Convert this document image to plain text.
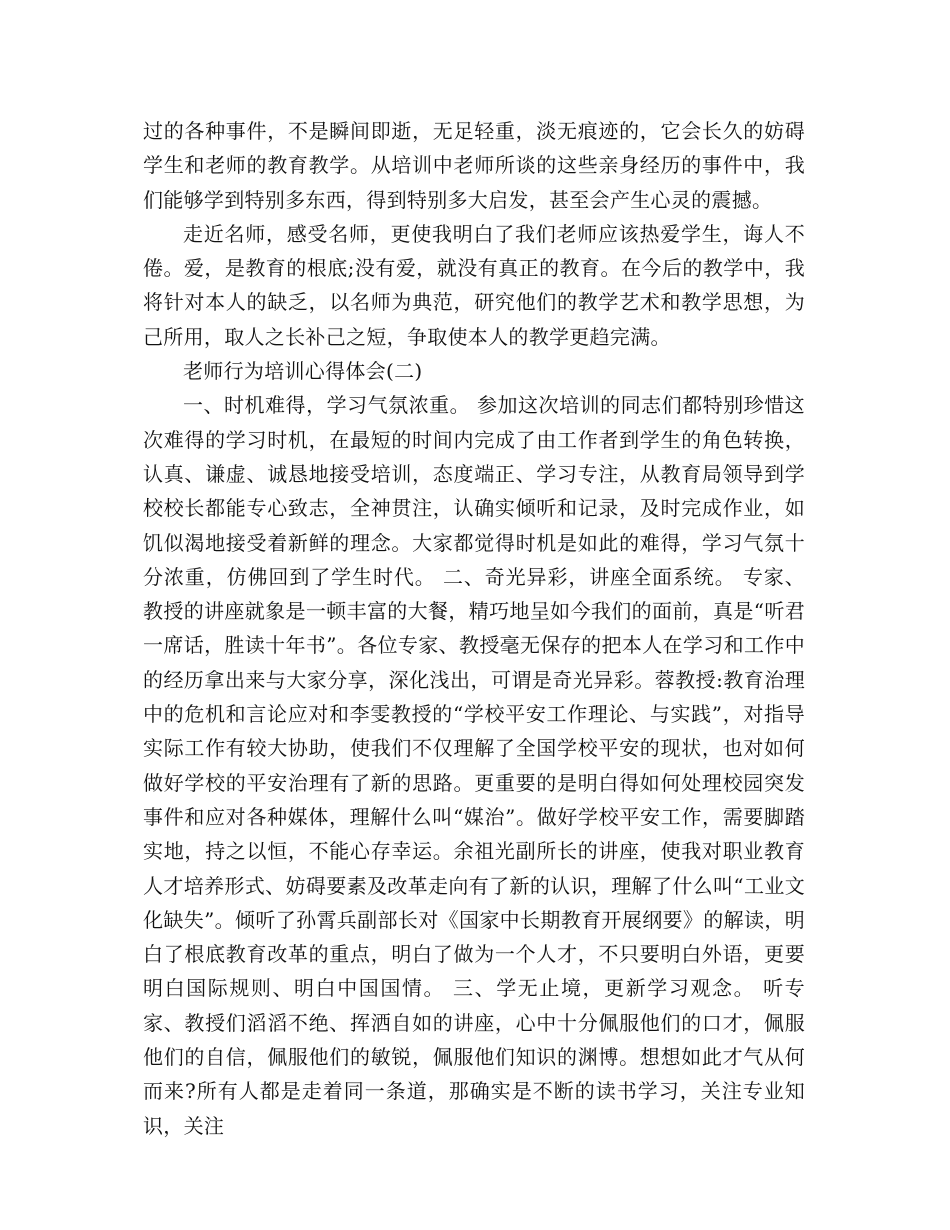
过的各种事件，不是瞬间即逝，无足轻重，淡无痕迹的，它会长久的妨碍学生和老师的教育教学。从培训中老师所谈的这些亲身经历的事件中，我们能够学到特别多东西，得到特别多大启发，甚至会产生心灵的震撼。

走近名师，感受名师，更使我明白了我们老师应该热爱学生，诲人不倦。爱，是教育的根底;没有爱，就没有真正的教育。在今后的教学中，我将针对本人的缺乏，以名师为典范，研究他们的教学艺术和教学思想，为己所用，取人之长补己之短，争取使本人的教学更趋完满。

老师行为培训心得体会(二)

一、时机难得，学习气氛浓重。 参加这次培训的同志们都特别珍惜这次难得的学习时机，在最短的时间内完成了由工作者到学生的角色转换，认真、谦虚、诚恳地接受培训，态度端正、学习专注，从教育局领导到学校校长都能专心致志，全神贯注，认确实倾听和记录，及时完成作业，如饥似渴地接受着新鲜的理念。大家都觉得时机是如此的难得，学习气氛十分浓重，仿佛回到了学生时代。 二、奇光异彩，讲座全面系统。 专家、教授的讲座就象是一顿丰富的大餐，精巧地呈如今我们的面前，真是“听君一席话，胜读十年书”。各位专家、教授毫无保存的把本人在学习和工作中的经历拿出来与大家分享，深化浅出，可谓是奇光异彩。蓉教授:教育治理中的危机和言论应对和李雯教授的“学校平安工作理论、与实践”，对指导实际工作有较大协助，使我们不仅理解了全国学校平安的现状，也对如何做好学校的平安治理有了新的思路。更重要的是明白得如何处理校园突发事件和应对各种媒体，理解什么叫“媒治”。做好学校平安工作，需要脚踏实地，持之以恒，不能心存幸运。余祖光副所长的讲座，使我对职业教育人才培养形式、妨碍要素及改革走向有了新的认识，理解了什么叫“工业文化缺失”。倾听了孙霄兵副部长对《国家中长期教育开展纲要》的解读，明白了根底教育改革的重点，明白了做为一个人才，不只要明白外语，更要明白国际规则、明白中国国情。 三、学无止境，更新学习观念。 听专家、教授们滔滔不绝、挥洒自如的讲座，心中十分佩服他们的口才，佩服他们的自信，佩服他们的敏锐，佩服他们知识的渊博。想想如此才气从何而来?所有人都是走着同一条道，那确实是不断的读书学习，关注专业知识，关注
